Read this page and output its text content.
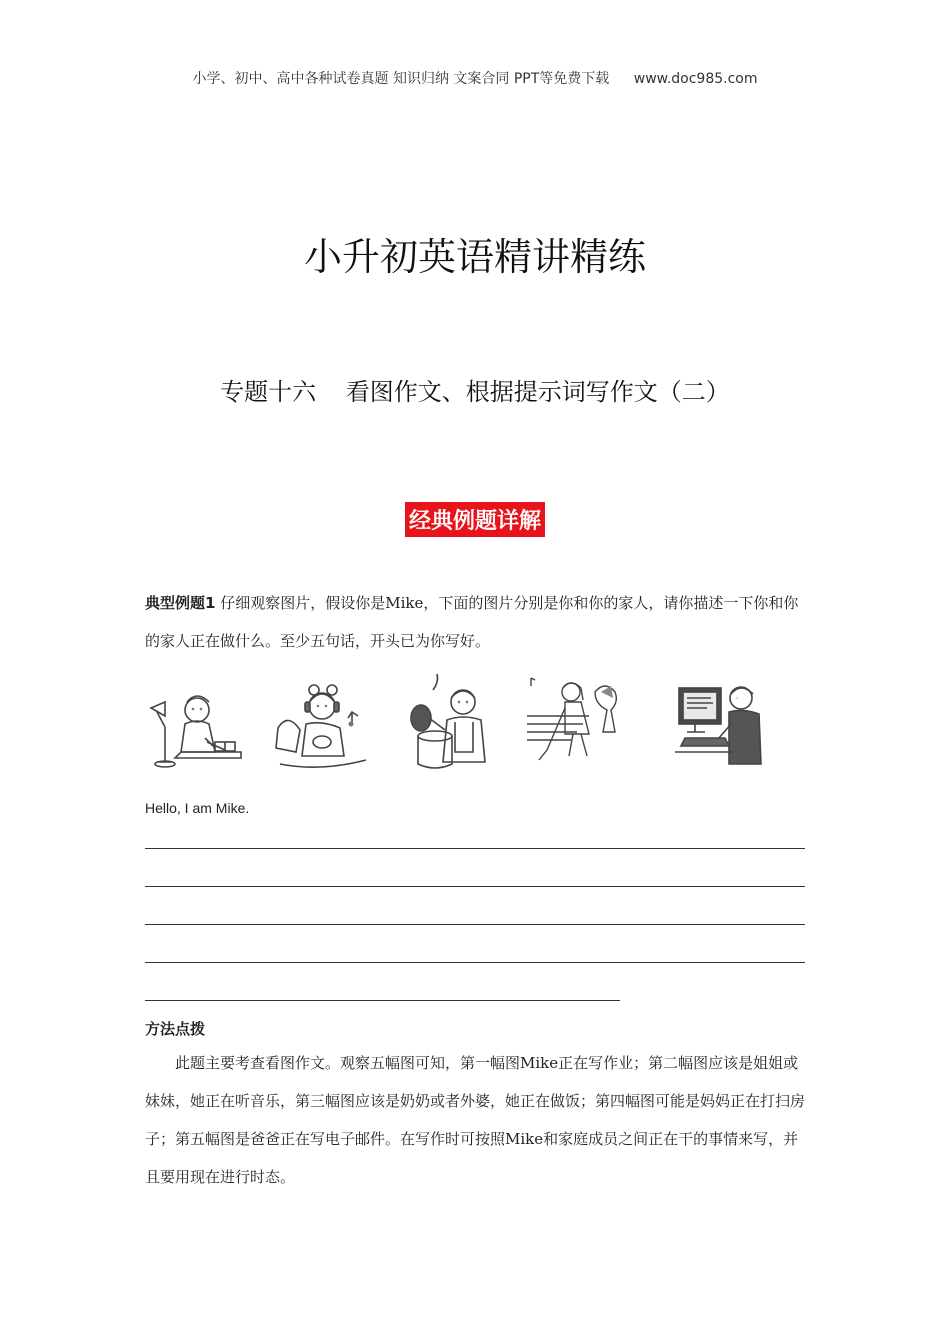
小学、初中、高中各种试卷真题 知识归纳 文案合同 PPT等免费下载 www.doc985.com
小升初英语精讲精练
专题十六 看图作文、根据提示词写作文（二）
经典例题详解
典型例题1 仔细观察图片，假设你是Mike，下面的图片分别是你和你的家人，请你描述一下你和你的家人正在做什么。至少五句话，开头已为你写好。
Hello, I am Mike.
方法点拨
此题主要考查看图作文。观察五幅图可知，第一幅图Mike正在写作业；第二幅图应该是姐姐或妹妹，她正在听音乐，第三幅图应该是奶奶或者外婆，她正在做饭；第四幅图可能是妈妈正在打扫房子；第五幅图是爸爸正在写电子邮件。在写作时可按照Mike和家庭成员之间正在干的事情来写，并且要用现在进行时态。
